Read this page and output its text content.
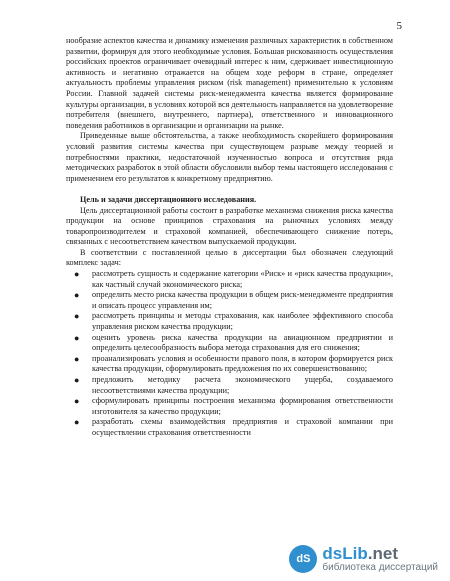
5

нообразие аспектов качества и динамику изменения различных характеристик в собственном развитии, формируя для этого необходимые условия. Большая рискованность осуществления российских проектов ограничивает очевидный интерес к ним, сдерживает инвестиционную активность и негативно отражается на общем ходе реформ в стране, определяет актуальность проблемы управления риском (risk management) применительно к условиям России. Главной задачей системы риск-менеджмента качества является формирование культуры организации, в условиях которой вся деятельность направляется на удовлетворение потребителя (внешнего, внутреннего, партнера), ответственного и инновационного поведения работников в организации и организации на рынке.

Приведенные выше обстоятельства, а также необходимость скорейшего формирования условий развития системы качества при существующем разрыве между теорией и потребностями практики, недостаточной изученностью вопроса и отсутствия ряда методических разработок в этой области обусловили выбор темы настоящего исследования с применением его результатов к конкретному предприятию.

Цель и задачи диссертационного исследования.

Цель диссертационной работы состоит в разработке механизма снижения риска качества продукции на основе принципов страхования на рыночных условиях между товаропроизводителем и страховой компанией, обеспечивающего снижение потерь, связанных с несоответствием качеством выпускаемой продукции.

В соответствии с поставленной целью в диссертации был обозначен следующий комплекс задач:

● рассмотреть сущность и содержание категории «Риск» и «риск качества продукции», как частный случай экономического риска;
● определить место риска качества продукции в общем риск-менеджменте предприятия и описать процесс управления им;
● рассмотреть принципы и методы страхования, как наиболее эффективного способа управления риском качества продукции;
● оценить уровень риска качества продукции на авиационном предприятии и определить целесообразность выбора метода страхования для его снижения;
● проанализировать условия и особенности правого поля, в котором формируется риск качества продукции, сформулировать предложения по их совершенствованию;
● предложить методику расчета экономического ущерба, создаваемого несоответствиями качества продукции;
● сформулировать принципы построения механизма формирования ответственности изготовителя за качество продукции;
● разработать схемы взаимодействия предприятия и страховой компании при осуществлении страхования ответственности
dS dsLib.net
библиотека диссертаций
